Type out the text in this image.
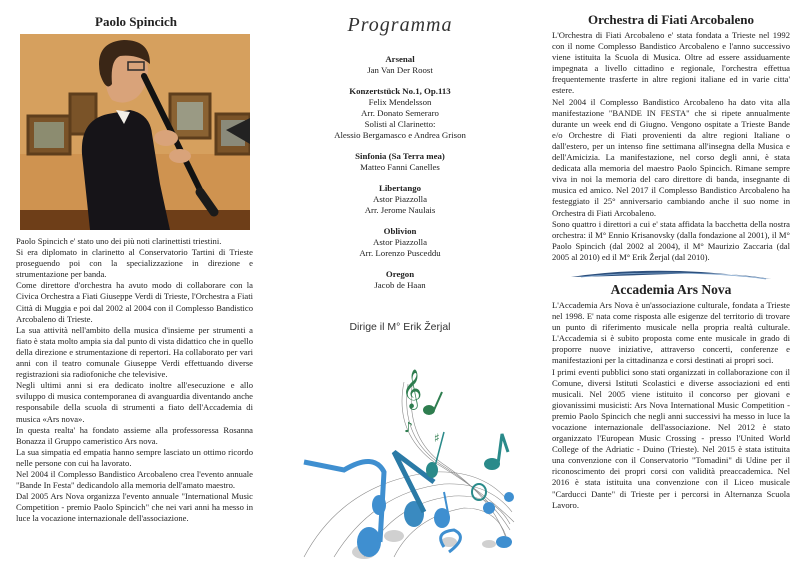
Paolo Spincich

Paolo Spincich e' stato uno dei più noti clarinettisti triestini.

Si era diplomato in clarinetto al Conservatorio Tartini di Trieste proseguendo poi con la specializzazione in direzione e strumentazione per banda.

Come direttore d'orchestra ha avuto modo di collaborare con la Civica Orchestra a Fiati Giuseppe Verdi di Trieste, l'Orchestra a Fiati Città di Muggia e poi dal 2002 al 2004 con il Complesso Bandistico Arcobaleno di Trieste.

La sua attività nell'ambito della musica d'insieme per strumenti a fiato è stata molto ampia sia dal punto di vista didattico che in quello della direzione e strumentazione di repertori. Ha collaborato per vari anni con il teatro comunale Giuseppe Verdi effettuando diverse registrazioni sia radiofoniche che televisive.

Negli ultimi anni si era dedicato inoltre all'esecuzione e allo sviluppo di musica contemporanea di avanguardia diventando anche responsabile della scuola di strumenti a fiato dell'Accademia di musica «Ars nova».

In questa realta' ha fondato assieme alla professoressa Rosanna Bonazza il Gruppo cameristico Ars nova.

La sua simpatia ed empatia hanno sempre lasciato un ottimo ricordo nelle persone con cui ha lavorato.

Nel 2004 il Complesso Bandistico Arcobaleno crea l'evento annuale "Bande In Festa" dedicandolo alla memoria dell'amato maestro.

Dal 2005 Ars Nova organizza l'evento annuale "International Music Competition - premio Paolo Spincich" che nei vari anni ha messo in luce la vocazione internazionale dell'associazione.

Programma
Arsenal
Jan Van Der Roost
Konzertstück No.1, Op.113
Felix Mendelsson
Arr. Donato Semeraro
Solisti al Clarinetto:
Alessio Bergamasco e Andrea Grison
Sinfonia (Sa Terra mea)
Matteo Fanni Canelles
Libertango
Astor Piazzolla
Arr. Jerome Naulais
Oblivion
Astor Piazzolla
Arr. Lorenzo Pusceddu
Oregon
Jacob de Haan
Dirige il M° Erik Žerjal
𝄞
♪
♯
Orchestra di Fiati Arcobaleno

L'Orchestra di Fiati Arcobaleno e' stata fondata a Trieste nel 1992 con il nome Complesso Bandistico Arcobaleno e l'anno successivo viene istituita la Scuola di Musica. Oltre ad essere assiduamente impegnata a livello cittadino e regionale, l'orchestra effettua frequentemente trasferte in altre regioni italiane ed in varie citta' estere.

Nel 2004 il Complesso Bandistico Arcobaleno ha dato vita alla manifestazione "BANDE IN FESTA" che si ripete annualmente durante un week end di Giugno. Vengono ospitate a Trieste Bande e/o Orchestre di Fiati provenienti da altre regioni Italiane o dall'estero, per un intenso fine settimana all'insegna della Musica e dell'Amicizia. La manifestazione, nel corso degli anni, è stata dedicata alla memoria del maestro Paolo Spincich. Rimane sempre viva in noi la memoria del caro direttore di banda, insegnante di musica ed amico. Nel 2017 il Complesso Bandistico Arcobaleno ha festeggiato il 25° anniversario cambiando anche il suo nome in Orchestra di Fiati Arcobaleno.

Sono quattro i direttori a cui e' stata affidata la bacchetta della nostra orchestra: il M° Ennio Krisanovsky (dalla fondazione al 2001), il M° Paolo Spincich (dal 2002 al 2004), il M° Maurizio Zaccaria (dal 2005 al 2010) ed il M° Erik Žerjal (dal 2010).

Accademia Ars Nova

L'Accademia Ars Nova è un'associazione culturale, fondata a Trieste nel 1998. E' nata come risposta alle esigenze del territorio di trovare un punto di riferimento musicale nella propria realtà culturale. L'Accademia si è subito proposta come ente musicale in grado di proporre nuove iniziative, attraverso concerti, conferenze e manifestazioni per la cittadinanza e corsi destinati ai propri soci.

I primi eventi pubblici sono stati organizzati in collaborazione con il Comune, diversi Istituti Scolastici e diverse associazioni ed enti musicali. Nel 2005 viene istituito il concorso per giovani e giovanissimi musicisti: Ars Nova International Music Competition - premio Paolo Spincich che negli anni successivi ha messo in luce la vocazione internazionale dell'associazione. Nel 2012 è stato organizzato l'European Music Crossing - presso l'United World College of the Adriatic - Duino (Trieste). Nel 2015 è stata istituita una convenzione con il Conservatorio "Tomadini" di Udine per il riconoscimento dei propri corsi con validità preaccademica. Nel 2016 è stata istituita una convenzione con il Liceo musicale "Carducci Dante" di Trieste per i percorsi in Alternanza Scuola Lavoro.
